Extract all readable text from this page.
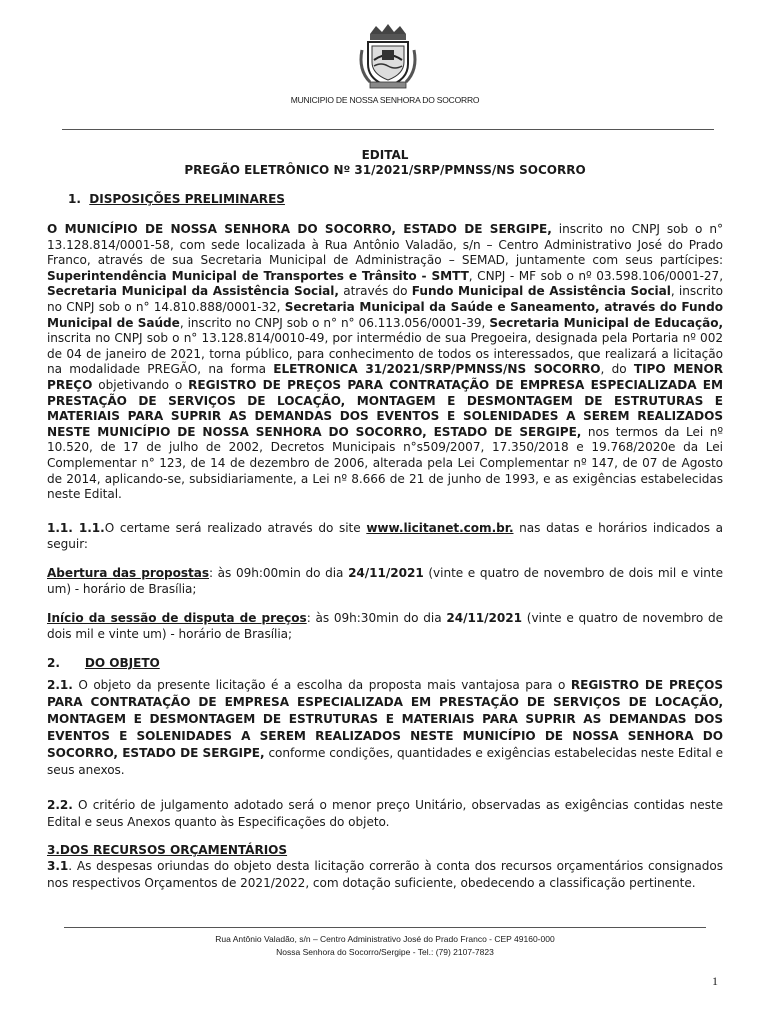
MUNICIPIO DE NOSSA SENHORA DO SOCORRO
EDITAL
PREGÃO ELETRÔNICO Nº 31/2021/SRP/PMNSS/NS SOCORRO
1. DISPOSIÇÕES PRELIMINARES
O MUNICÍPIO DE NOSSA SENHORA DO SOCORRO, ESTADO DE SERGIPE, inscrito no CNPJ sob o n° 13.128.814/0001-58, com sede localizada à Rua Antônio Valadão, s/n – Centro Administrativo José do Prado Franco, através de sua Secretaria Municipal de Administração – SEMAD, juntamente com seus partícipes: Superintendência Municipal de Transportes e Trânsito - SMTT, CNPJ - MF sob o nº 03.598.106/0001-27, Secretaria Municipal da Assistência Social, através do Fundo Municipal de Assistência Social, inscrito no CNPJ sob o n° 14.810.888/0001-32, Secretaria Municipal da Saúde e Saneamento, através do Fundo Municipal de Saúde, inscrito no CNPJ sob o n° n° 06.113.056/0001-39, Secretaria Municipal de Educação, inscrita no CNPJ sob o n° 13.128.814/0010-49, por intermédio de sua Pregoeira, designada pela Portaria nº 002 de 04 de janeiro de 2021, torna público, para conhecimento de todos os interessados, que realizará a licitação na modalidade PREGÃO, na forma ELETRONICA 31/2021/SRP/PMNSS/NS SOCORRO, do TIPO MENOR PREÇO objetivando o REGISTRO DE PREÇOS PARA CONTRATAÇÃO DE EMPRESA ESPECIALIZADA EM PRESTAÇÃO DE SERVIÇOS DE LOCAÇÃO, MONTAGEM E DESMONTAGEM DE ESTRUTURAS E MATERIAIS PARA SUPRIR AS DEMANDAS DOS EVENTOS E SOLENIDADES A SEREM REALIZADOS NESTE MUNICÍPIO DE NOSSA SENHORA DO SOCORRO, ESTADO DE SERGIPE, nos termos da Lei nº 10.520, de 17 de julho de 2002, Decretos Municipais n°s509/2007, 17.350/2018 e 19.768/2020e da Lei Complementar n° 123, de 14 de dezembro de 2006, alterada pela Lei Complementar nº 147, de 07 de Agosto de 2014, aplicando-se, subsidiariamente, a Lei nº 8.666 de 21 de junho de 1993, e as exigências estabelecidas neste Edital.
1.1. 1.1.O certame será realizado através do site www.licitanet.com.br. nas datas e horários indicados a seguir:
Abertura das propostas: às 09h:00min do dia 24/11/2021 (vinte e quatro de novembro de dois mil e vinte um) - horário de Brasília;
Início da sessão de disputa de preços: às 09h:30min do dia 24/11/2021 (vinte e quatro de novembro de dois mil e vinte um) - horário de Brasília;
2. DO OBJETO
2.1. O objeto da presente licitação é a escolha da proposta mais vantajosa para o REGISTRO DE PREÇOS PARA CONTRATAÇÃO DE EMPRESA ESPECIALIZADA EM PRESTAÇÃO DE SERVIÇOS DE LOCAÇÃO, MONTAGEM E DESMONTAGEM DE ESTRUTURAS E MATERIAIS PARA SUPRIR AS DEMANDAS DOS EVENTOS E SOLENIDADES A SEREM REALIZADOS NESTE MUNICÍPIO DE NOSSA SENHORA DO SOCORRO, ESTADO DE SERGIPE, conforme condições, quantidades e exigências estabelecidas neste Edital e seus anexos.
2.2. O critério de julgamento adotado será o menor preço Unitário, observadas as exigências contidas neste Edital e seus Anexos quanto às Especificações do objeto.
3.DOS RECURSOS ORÇAMENTÁRIOS
3.1. As despesas oriundas do objeto desta licitação correrão à conta dos recursos orçamentários consignados nos respectivos Orçamentos de 2021/2022, com dotação suficiente, obedecendo a classificação pertinente.
Rua Antônio Valadão, s/n – Centro Administrativo José do Prado Franco - CEP 49160-000
Nossa Senhora do Socorro/Sergipe - Tel.: (79) 2107-7823
1
